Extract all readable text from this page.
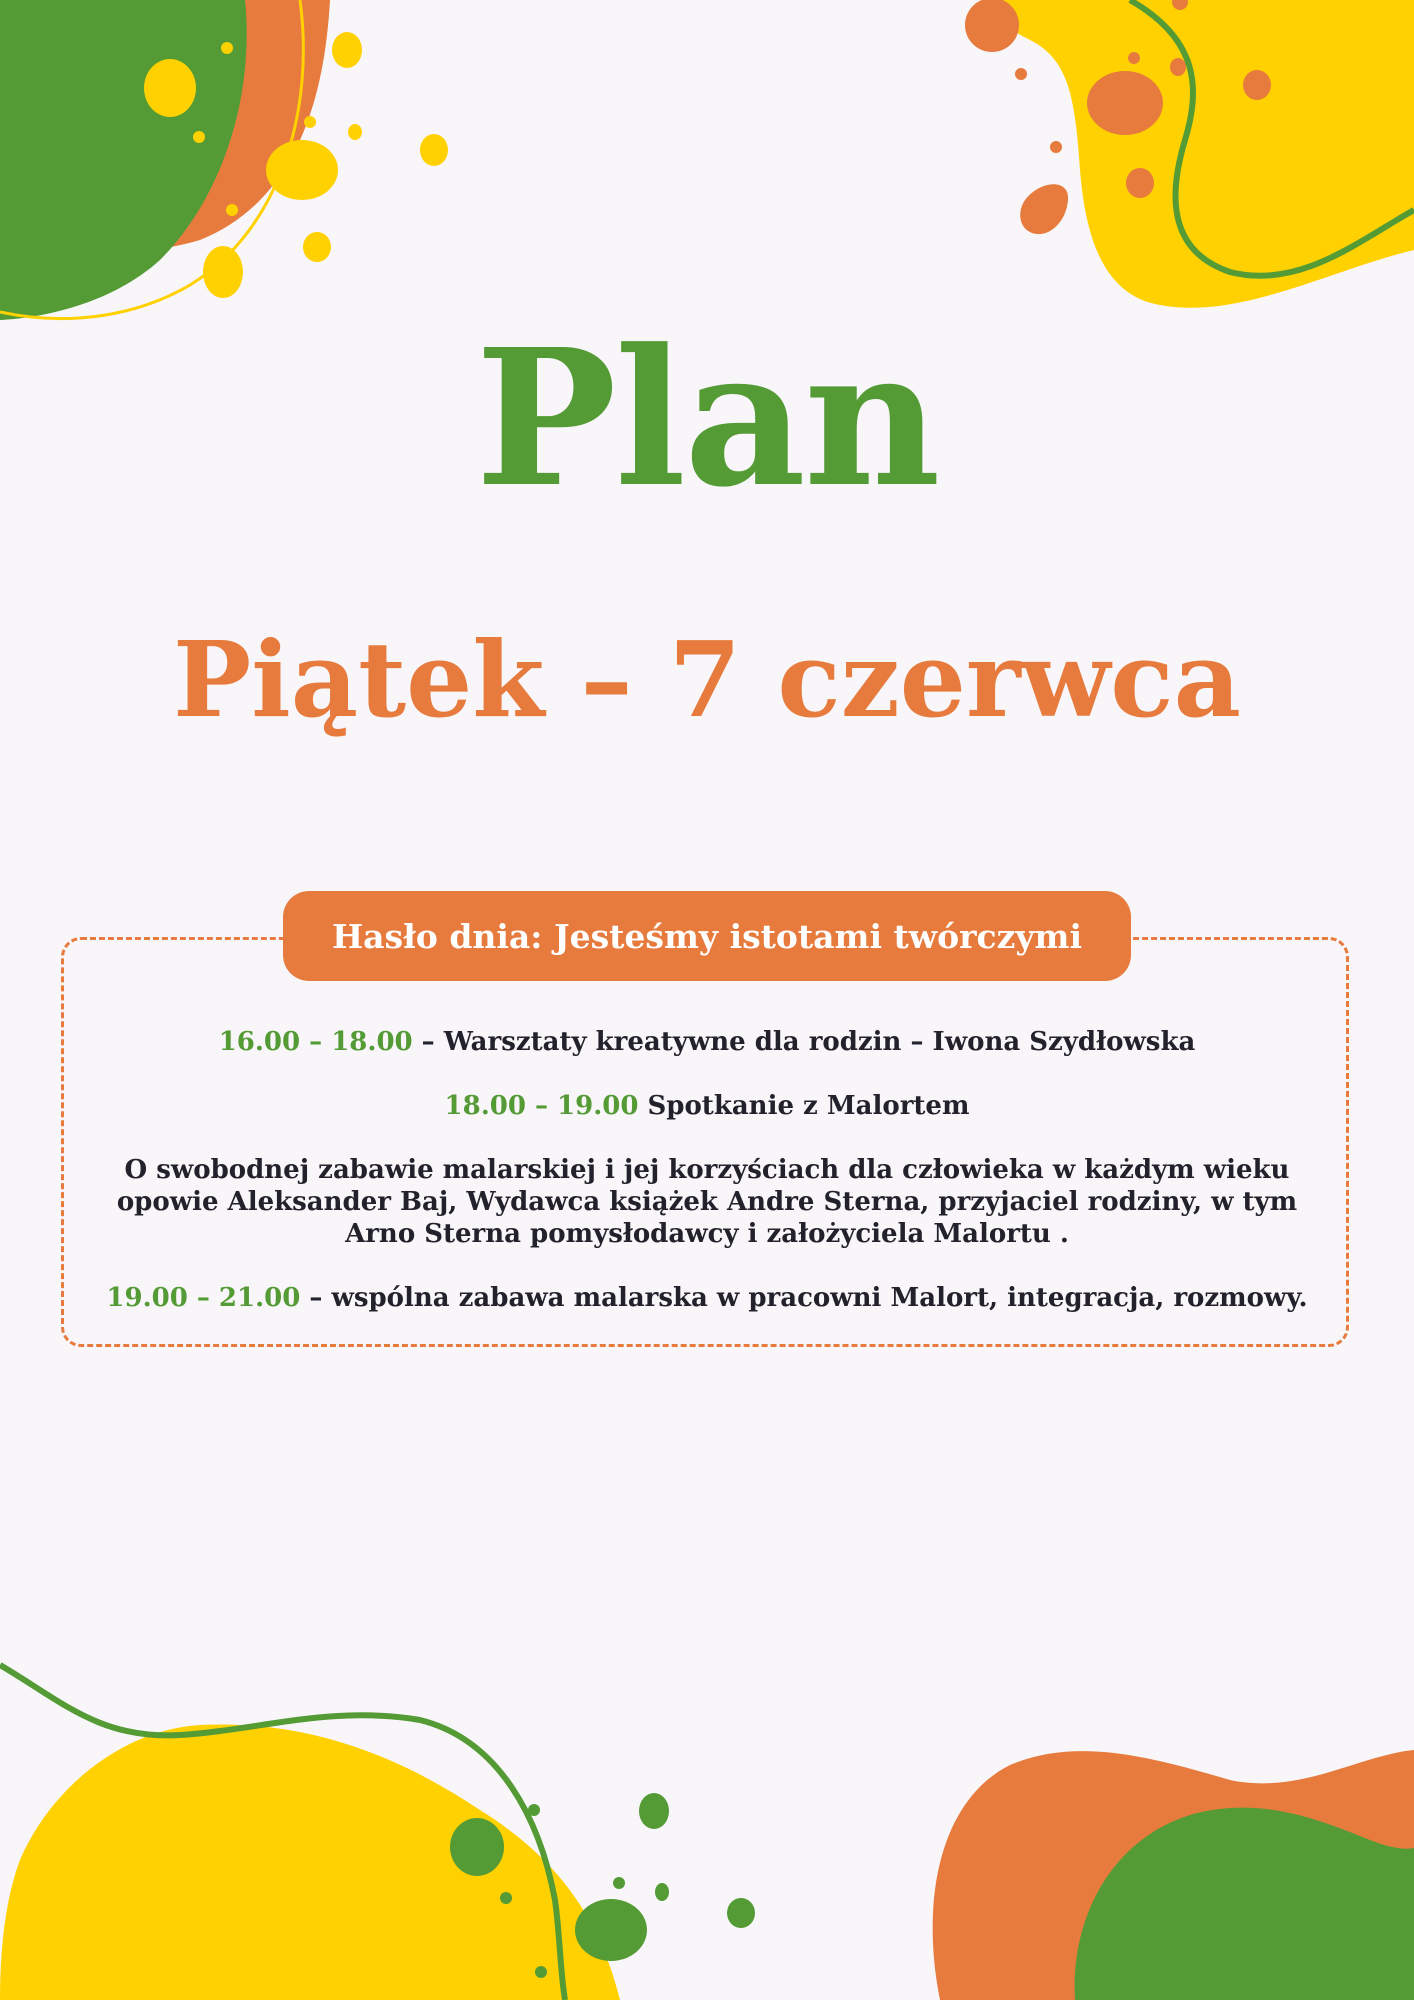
Plan
Piątek – 7 czerwca
Hasło dnia: Jesteśmy istotami twórczymi
16.00 – 18.00 – Warsztaty kreatywne dla rodzin – Iwona Szydłowska
18.00 – 19.00 Spotkanie z Malortem
O swobodnej zabawie malarskiej i jej korzyściach dla człowieka w każdym wieku opowie Aleksander Baj, Wydawca książek Andre Sterna, przyjaciel rodziny, w tym Arno Sterna pomysłodawcy i założyciela Malortu .
19.00 – 21.00 – wspólna zabawa malarska w pracowni Malort, integracja, rozmowy.
